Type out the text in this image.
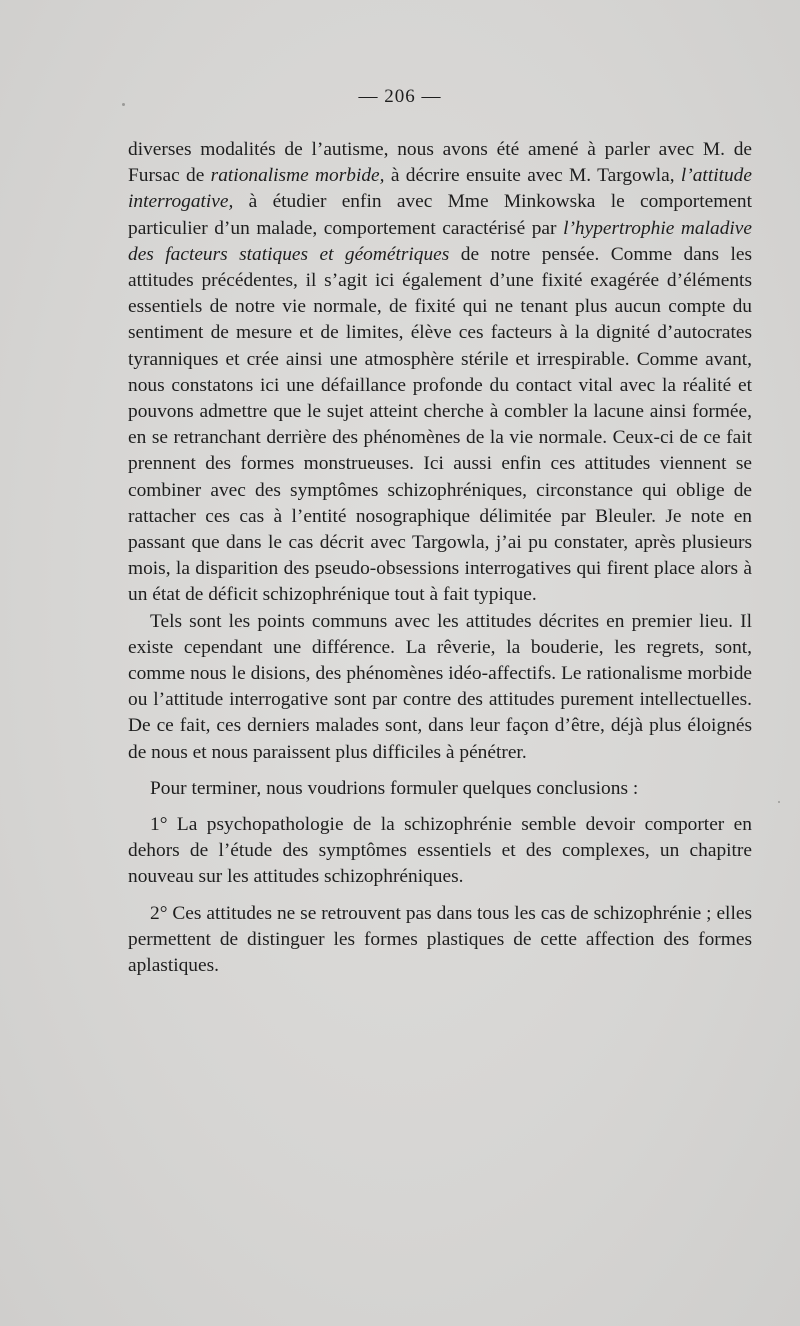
— 206 —

diverses modalités de l’autisme, nous avons été amené à parler avec M. de Fursac de rationalisme morbide, à décrire ensuite avec M. Targowla, l’attitude interrogative, à étudier enfin avec Mme Minkowska le comportement particulier d’un malade, comportement caractérisé par l’hypertrophie maladive des facteurs statiques et géométriques de notre pensée. Comme dans les attitudes précédentes, il s’agit ici également d’une fixité exagérée d’éléments essentiels de notre vie normale, de fixité qui ne tenant plus aucun compte du sentiment de mesure et de limites, élève ces facteurs à la dignité d’autocrates tyranniques et crée ainsi une atmosphère stérile et irrespirable. Comme avant, nous constatons ici une défaillance profonde du contact vital avec la réalité et pouvons admettre que le sujet atteint cherche à combler la lacune ainsi formée, en se retranchant derrière des phénomènes de la vie normale. Ceux-ci de ce fait prennent des formes monstrueuses. Ici aussi enfin ces attitudes viennent se combiner avec des symptômes schizophréniques, circonstance qui oblige de rattacher ces cas à l’entité nosographique délimitée par Bleuler. Je note en passant que dans le cas décrit avec Targowla, j’ai pu constater, après plusieurs mois, la disparition des pseudo-obsessions interrogatives qui firent place alors à un état de déficit schizophrénique tout à fait typique.

Tels sont les points communs avec les attitudes décrites en premier lieu. Il existe cependant une différence. La rêverie, la bouderie, les regrets, sont, comme nous le disions, des phénomènes idéo-affectifs. Le rationalisme morbide ou l’attitude interrogative sont par contre des attitudes purement intellectuelles. De ce fait, ces derniers malades sont, dans leur façon d’être, déjà plus éloignés de nous et nous paraissent plus difficiles à pénétrer.

Pour terminer, nous voudrions formuler quelques conclusions :

1° La psychopathologie de la schizophrénie semble devoir comporter en dehors de l’étude des symptômes essentiels et des complexes, un chapitre nouveau sur les attitudes schizophréniques.

2° Ces attitudes ne se retrouvent pas dans tous les cas de schizophrénie ; elles permettent de distinguer les formes plastiques de cette affection des formes aplastiques.
